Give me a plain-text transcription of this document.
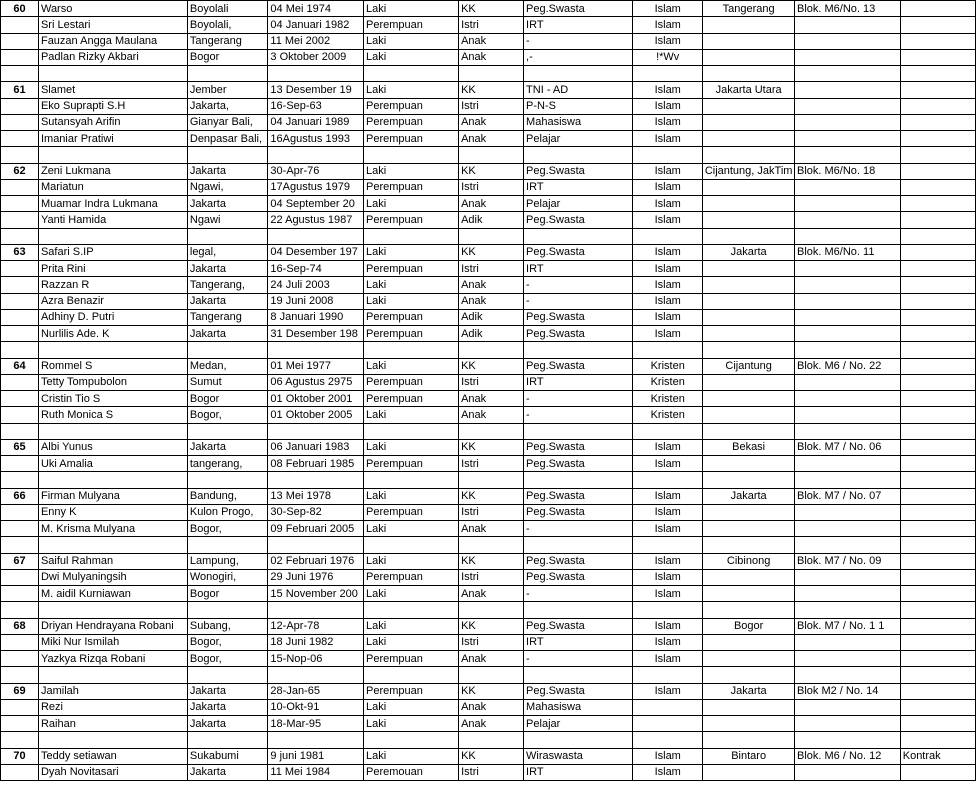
60	Warso	Boyolali	04 Mei 1974	Laki	KK	Peg.Swasta	Islam	Tangerang	Blok. M6/No. 13	
	Sri Lestari	Boyolali,	04 Januari 1982	Perempuan	Istri	IRT	Islam			
	Fauzan Angga Maulana	Tangerang	11 Mei 2002	Laki	Anak	-	Islam			
	Padlan Rizky Akbari	Bogor	3 Oktober 2009	Laki	Anak	,-	!*Wv			

61	Slamet	Jember	13 Desember 19	Laki	KK	TNI - AD	Islam	Jakarta Utara		
	Eko Suprapti S.H	Jakarta,	16-Sep-63	Perempuan	Istri	P-N-S	Islam			
	Sutansyah Arifin	Gianyar Bali,	04 Januari 1989	Perempuan	Anak	Mahasiswa	Islam			
	Imaniar Pratiwi	Denpasar Bali,	16Agustus 1993	Perempuan	Anak	Pelajar	Islam			

62	Zeni Lukmana	Jakarta	30-Apr-76	Laki	KK	Peg.Swasta	Islam	Cijantung, JakTim	Blok. M6/No. 18	
	Mariatun	Ngawi,	17Agustus 1979	Perempuan	Istri	IRT	Islam			
	Muamar Indra Lukmana	Jakarta	04 September 20	Laki	Anak	Pelajar	Islam			
	Yanti Hamida	Ngawi	22 Agustus 1987	Perempuan	Adik	Peg.Swasta	Islam			

63	Safari S.IP	legal,	04 Desember 197	Laki	KK	Peg.Swasta	Islam	Jakarta	Blok. M6/No. 11	
	Prita Rini	Jakarta	16-Sep-74	Perempuan	Istri	IRT	Islam			
	Razzan R	Tangerang,	24 Juli 2003	Laki	Anak	-	Islam			
	Azra Benazir	Jakarta	19 Juni 2008	Laki	Anak	-	Islam			
	Adhiny D. Putri	Tangerang	8 Januari 1990	Perempuan	Adik	Peg.Swasta	Islam			
	Nurlilis Ade. K	Jakarta	31 Desember 198	Perempuan	Adik	Peg.Swasta	Islam			

64	Rommel S	Medan,	01 Mei 1977	Laki	KK	Peg.Swasta	Kristen	Cijantung	Blok. M6 / No. 22	
	Tetty Tompubolon	Sumut	06 Agustus 2975	Perempuan	Istri	IRT	Kristen			
	Cristin Tio S	Bogor	01 Oktober 2001	Perempuan	Anak	-	Kristen			
	Ruth Monica S	Bogor,	01 Oktober 2005	Laki	Anak	-	Kristen			

65	Albi Yunus	Jakarta	06 Januari 1983	Laki	KK	Peg.Swasta	Islam	Bekasi	Blok. M7 / No. 06	
	Uki Amalia	tangerang,	08 Februari 1985	Perempuan	Istri	Peg.Swasta	Islam			

66	Firman Mulyana	Bandung,	13 Mei 1978	Laki	KK	Peg.Swasta	Islam	Jakarta	Blok. M7 / No. 07	
	Enny K	Kulon Progo,	30-Sep-82	Perempuan	Istri	Peg.Swasta	Islam			
	M. Krisma Mulyana	Bogor,	09 Februari 2005	Laki	Anak	-	Islam			

67	Saiful Rahman	Lampung,	02 Februari 1976	Laki	KK	Peg.Swasta	Islam	Cibinong	Blok. M7 / No. 09	
	Dwi Mulyaningsih	Wonogiri,	29 Juni 1976	Perempuan	Istri	Peg.Swasta	Islam			
	M. aidil Kurniawan	Bogor	15 November 200	Laki	Anak	-	Islam			

68	Driyan Hendrayana Robani	Subang,	12-Apr-78	Laki	KK	Peg.Swasta	Islam	Bogor	Blok. M7 / No. 1 1	
	Miki Nur Ismilah	Bogor,	18 Juni 1982	Laki	Istri	IRT	Islam			
	Yazkya Rizqa Robani	Bogor,	15-Nop-06	Perempuan	Anak	-	Islam			

69	Jamilah	Jakarta	28-Jan-65	Perempuan	KK	Peg.Swasta	Islam	Jakarta	Blok M2 / No. 14	
	Rezi	Jakarta	10-Okt-91	Laki	Anak	Mahasiswa				
	Raihan	Jakarta	18-Mar-95	Laki	Anak	Pelajar				

70	Teddy setiawan	Sukabumi	9 juni 1981	Laki	KK	Wiraswasta	Islam	Bintaro	Blok. M6 / No. 12	Kontrak
	Dyah Novitasari	Jakarta	11 Mei 1984	Peremouan	Istri	IRT	Islam			
